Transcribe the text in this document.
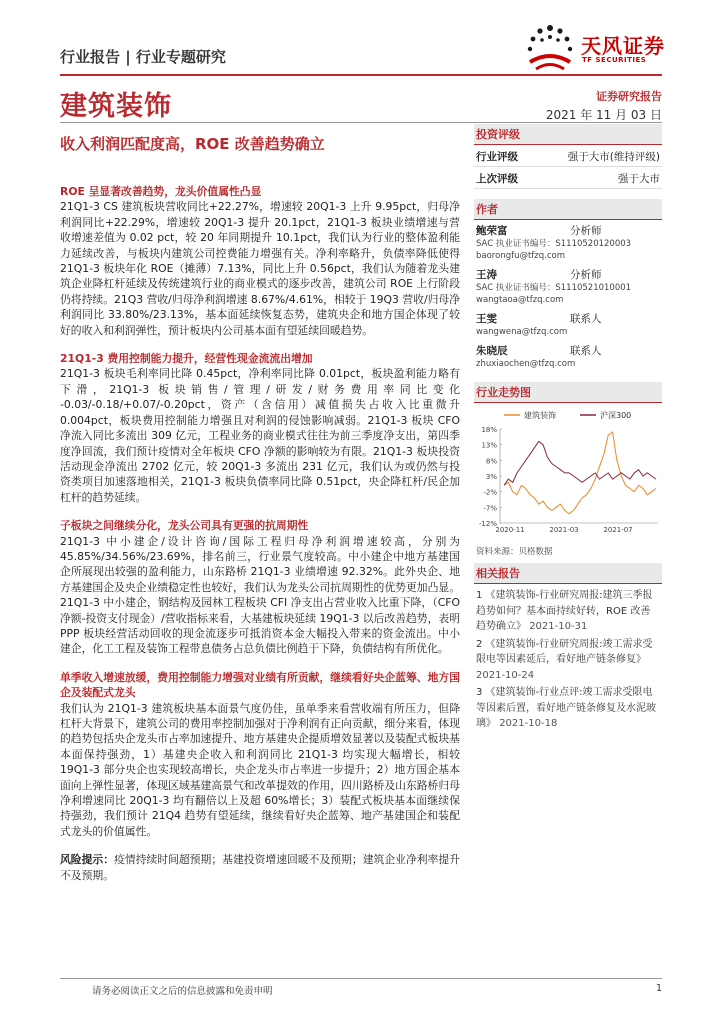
行业报告 | 行业专题研究	天风证券
TF SECURITIES
建筑装饰	证券研究报告
2021 年 11 月 03 日
收入利润匹配度高，ROE 改善趋势确立

ROE 呈显著改善趋势，龙头价值属性凸显
21Q1-3 CS 建筑板块营收同比+22.27%，增速较 20Q1-3 上升 9.95pct，归母净利润同比+22.29%，增速较 20Q1-3 提升 20.1pct，21Q1-3 板块业绩增速与营收增速差值为 0.02 pct，较 20 年同期提升 10.1pct，我们认为行业的整体盈利能力延续改善，与板块内建筑公司控费能力增强有关。净利率略升，负债率降低使得 21Q1-3 板块年化 ROE（摊薄）7.13%，同比上升 0.56pct，我们认为随着龙头建筑企业降杠杆延续及传统建筑行业的商业模式的逐步改善，建筑公司 ROE 上行阶段仍将持续。21Q3 营收/归母净利润增速 8.67%/4.61%，相较于 19Q3 营收/归母净利润同比 33.80%/23.13%，基本面延续恢复态势，建筑央企和地方国企体现了较好的收入和利润弹性，预计板块内公司基本面有望延续回暖趋势。

21Q1-3 费用控制能力提升，经营性现金流流出增加
21Q1-3 板块毛利率同比降 0.45pct，净利率同比降 0.01pct，板块盈利能力略有下滑，21Q1-3 板块销售/管理/研发/财务费用率同比变化 -0.03/-0.18/+0.07/-0.20pct，资产（含信用）减值损失占收入比重微升 0.004pct，板块费用控制能力增强且对利润的侵蚀影响减弱。21Q1-3 板块 CFO 净流入同比多流出 309 亿元，工程业务的商业模式往往为前三季度净支出，第四季度净回流，我们预计疫情对全年板块 CFO 净额的影响较为有限。21Q1-3 板块投资活动现金净流出 2702 亿元，较 20Q1-3 多流出 231 亿元，我们认为或仍然与投资类项目加速落地相关，21Q1-3 板块负债率同比降 0.51pct，央企降杠杆/民企加杠杆的趋势延续。

子板块之间继续分化，龙头公司具有更强的抗周期性
21Q1-3 中小建企/设计咨询/国际工程归母净利润增速较高，分别为 45.85%/34.56%/23.69%，排名前三，行业景气度较高。中小建企中地方基建国企所展现出较强的盈利能力，山东路桥 21Q1-3 业绩增速 92.32%。此外央企、地方基建国企及央企业绩稳定性也较好，我们认为龙头公司抗周期性的优势更加凸显。21Q1-3 中小建企，钢结构及园林工程板块 CFI 净支出占营业收入比重下降，（CFO 净额-投资支付现金）/营收指标来看，大基建板块延续 19Q1-3 以后改善趋势，表明 PPP 板块经营活动回收的现金流逐步可抵消资本金大幅投入带来的资金流出。中小建企，化工工程及装饰工程带息债务占总负债比例趋于下降，负债结构有所优化。

单季收入增速放缓，费用控制能力增强对业绩有所贡献，继续看好央企蓝筹、地方国企及装配式龙头
我们认为 21Q1-3 建筑板块基本面景气度仍佳，虽单季来看营收端有所压力，但降杠杆大背景下，建筑公司的费用率控制加强对于净利润有正向贡献，细分来看，体现的趋势包括央企龙头市占率加速提升、地方基建央企提质增效显著以及装配式板块基本面保持强劲，1）基建央企收入和利润同比 21Q1-3 均实现大幅增长，相较 19Q1-3 部分央企也实现较高增长，央企龙头市占率进一步提升；2）地方国企基本面向上弹性显著，体现区域基建高景气和改革提效的作用，四川路桥及山东路桥归母净利增速同比 20Q1-3 均有翻倍以上及超 60%增长；3）装配式板块基本面继续保持强劲，我们预计 21Q4 趋势有望延续，继续看好央企蓝筹、地产基建国企和装配式龙头的价值属性。

风险提示：疫情持续时间超预期；基建投资增速回暖不及预期；建筑企业净利率提升不及预期。

投资评级
行业评级	强于大市(维持评级)
上次评级	强于大市
作者
鲍荣富	分析师
SAC 执业证书编号：S1110520120003
baorongfu@tfzq.com
王涛	分析师
SAC 执业证书编号：S1110521010001
wangtaoa@tfzq.com
王雯	联系人
wangwena@tfzq.com
朱晓辰	联系人
zhuxiaochen@tfzq.com
行业走势图
建筑装饰	沪深300
18%
13%
8%
3%
-2%
-7%
-12%
2020-11	2021-03	2021-07
资料来源：贝格数据
相关报告
1 《建筑装饰-行业研究周报:建筑三季报趋势如何？基本面持续好转，ROE 改善趋势确立》 2021-10-31
2 《建筑装饰-行业研究周报:竣工需求受限电等因素延后，看好地产链条修复》 2021-10-24
3 《建筑装饰-行业点评:竣工需求受限电等因素后置，看好地产链条修复及水泥玻璃》 2021-10-18
请务必阅读正文之后的信息披露和免责申明	1
